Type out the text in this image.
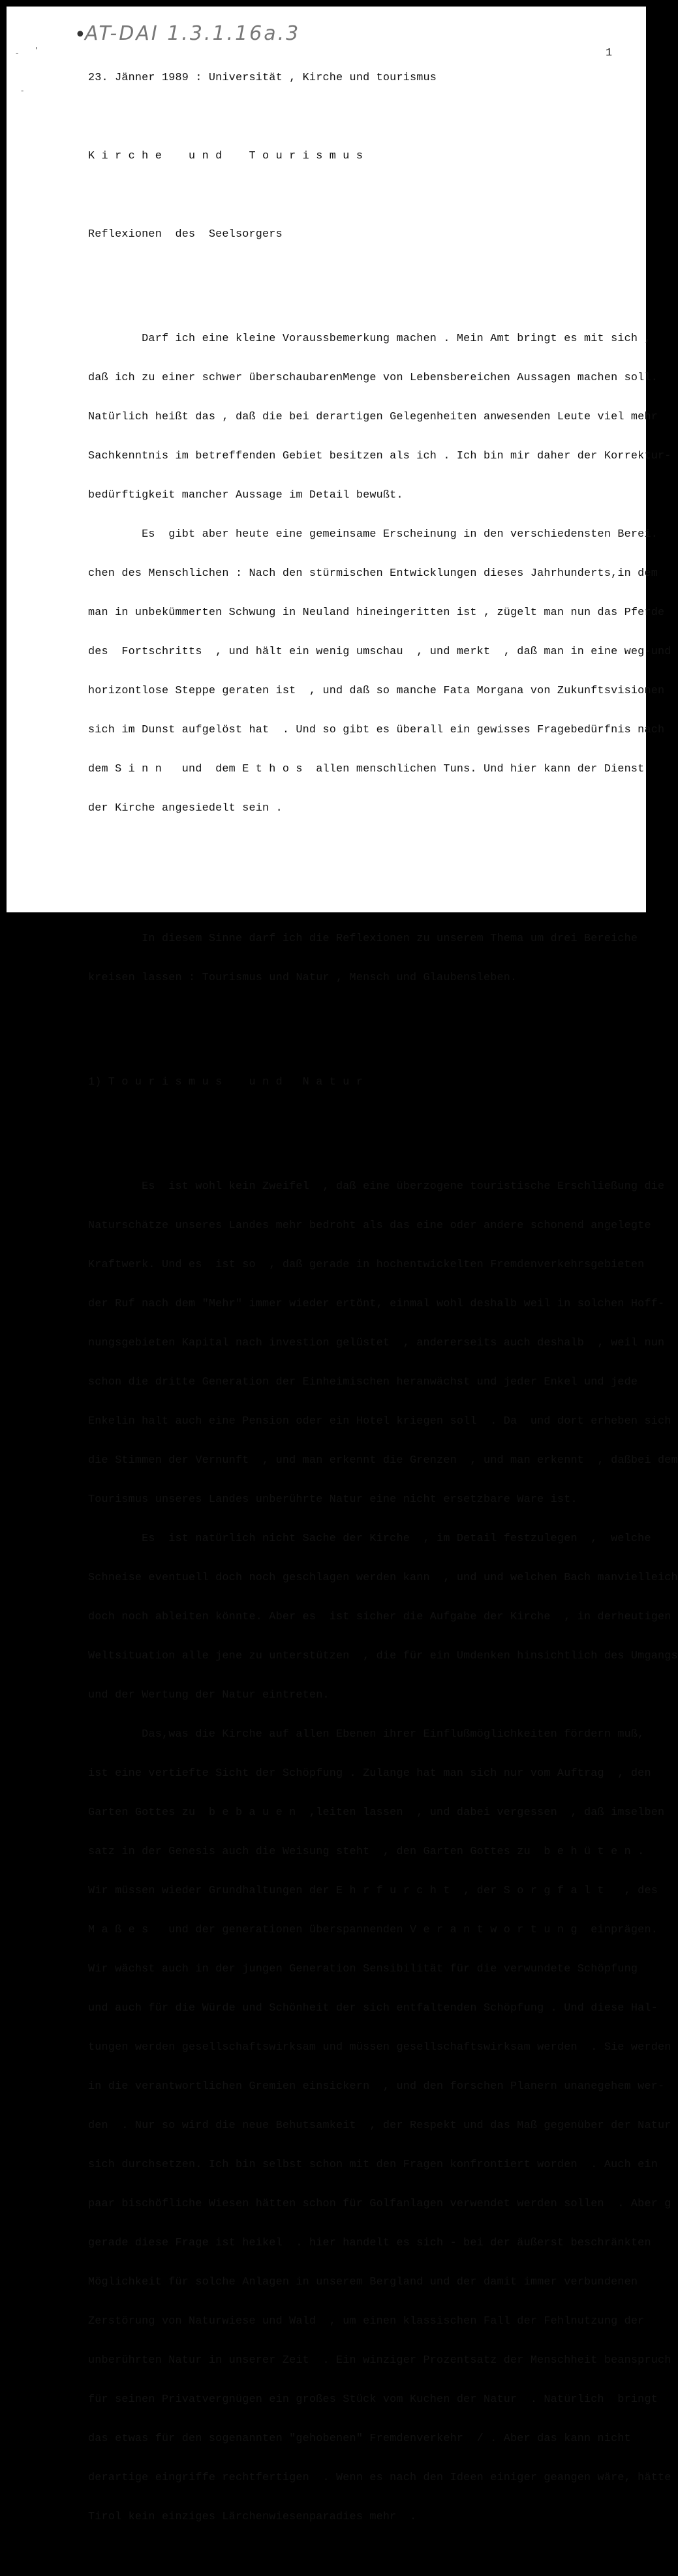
•
AT-DAI 1.3.1.16a.3
- '
-
1

23. Jänner 1989 : Universität , Kirche und tourismus

K i r c h e    u n d    T o u r i s m u s

Reflexionen  des  Seelsorgers

Darf ich eine kleine Voraussbemerkung machen . Mein Amt bringt es mit sich ,

daß ich zu einer schwer überschaubarenMenge von Lebensbereichen Aussagen machen soll.

Natürlich heißt das , daß die bei derartigen Gelegenheiten anwesenden Leute viel mehr

Sachkenntnis im betreffenden Gebiet besitzen als ich . Ich bin mir daher der Korrektur-

bedürftigkeit mancher Aussage im Detail bewußt.

Es  gibt aber heute eine gemeinsame Erscheinung in den verschiedensten Berei.

chen des Menschlichen : Nach den stürmischen Entwicklungen dieses Jahrhunderts,in dem

man in unbekümmerten Schwung in Neuland hineingeritten ist , zügelt man nun das Pferde

des  Fortschritts  , und hält ein wenig umschau  , und merkt  , daß man in eine weg-und

horizontlose Steppe geraten ist  , und daß so manche Fata Morgana von Zukunftsvisionen

sich im Dunst aufgelöst hat  . Und so gibt es überall ein gewisses Fragebedürfnis nach

dem S i n n   und  dem E t h o s  allen menschlichen Tuns. Und hier kann der Dienst

der Kirche angesiedelt sein .

In diesem Sinne darf ich die Reflexionen zu unserem Thema um drei Bereiche

kreisen lassen : Tourismus und Natur , Mensch und Glaubensleben.

1) T o u r i s m u s    u n d   N a t u r

Es  ist wohl kein Zweifel  , daß eine überzogene touristische Erschließung die

Naturschätze unseres Landes mehr bedroht als das eine oder andere schonend angelegte

Kraftwerk. Und es  ist so  , daß gerade in hochentwickelten Fremdenverkehrsgebieten

der Ruf nach dem "Mehr" immer wieder ertönt, einmal wohl deshalb weil in solchen Hoff-

nungsgebieten Kapital nach investion gelüstet  , andererseits auch deshalb  , weil nun

schon die dritte Generation der Einheimischen heranwächst und jeder Enkel und jede

Enkelin halt auch eine Pension oder ein Hotel kriegen soll  . Da  und dort erheben sich

die Stimmen der Vernunft  , und man erkennt die Grenzen  , und man erkennt  , daßbei dem

Tourismus unseres Landes unberührte Natur eine nicht ersetzbare Ware ist.

Es  ist natürlich nicht Sache der Kirche  , im Detail festzulegen  ,  welche

Schneise eventuell doch noch geschlagen werden kann  , und und welchen Bach manvielleich

doch noch ableiten könnte. Aber es  ist sicher die Aufgabe der Kirche  , in derheutigen

Weltsituation alle jene zu unterstützen  , die für ein Umdenken hinsichtlich des Umgangs

und der Wertung der Natur eintreten.

Das,was die Kirche auf allen Ebenen ihrer Einflußmöglichkeiten fördern muß,

ist eine vertiefte Sicht der Schöpfung . Zulange hat man sich nur vom Auftrag  , den

Garten Gottes zu  b e b a u e n  ,leiten lassen  , und dabei vergessen  , daß imselben

satz in der Genesis auch die Weisung steht  , den Garten Gottes zu  b e h ü t e n .

Wir müssen wieder Grundhaltungen der E h r f u r c h t  , der S o r g f a l t   , des

M a ß e s   und der generationen überspannenden V e r a n t w o r t u n g  einprägen.

Wir wächst auch in der jungen Generation Sensibilität für die verwundete Schöpfung

und auch für die Würde und Schönheit der sich entfaltenden Schöpfung . Und diese Hal-

tungen werden gesellschaftswirksam und müssen gesellschaftswirksam werden  . Sie werden

in die verantwortlichen Gremien einsickern  , und den forschen Planern unanegehem wer-

den  . Nur so wird die neue Behutsamkeit  , der Respekt und das Maß gegenüber der Natur

sich durchsetzen. Ich bin selbst schon mit den Fragen konfrontiert worden  . Auch ein

paar bischöfliche Wiesen hätten schon für Golfanlagen verwendet werden sollen  . Aber g

gerade diese Frage ist heikel  . hier handelt es sich - bei der äußerst beschränkten

Möglichkeit für solche Anlagen in unserem Bergland und der damit immer verbundenen

Zerstörung von Naturwiese und Wald  , um einen klassischen Fall der Fehlnutzung der

unberührten Natur in unserer Zeit  . Ein winziger Prozentsatz der Menschheit beanspruch

für seinen Privatvergnügen ein großes Stück vom Kuchen der Natur  . Natürlich  bringt

das etwas für den sogenannten "gehobenen" Fremdenverkehr  / . Aber das kann nicht

derartige eingriffe rechtfertigen  . Wenn es nach den Ideen einiger geangen wäre, hätte

Tirol kein einziges Lärchenwiesenparadies mehr  .
